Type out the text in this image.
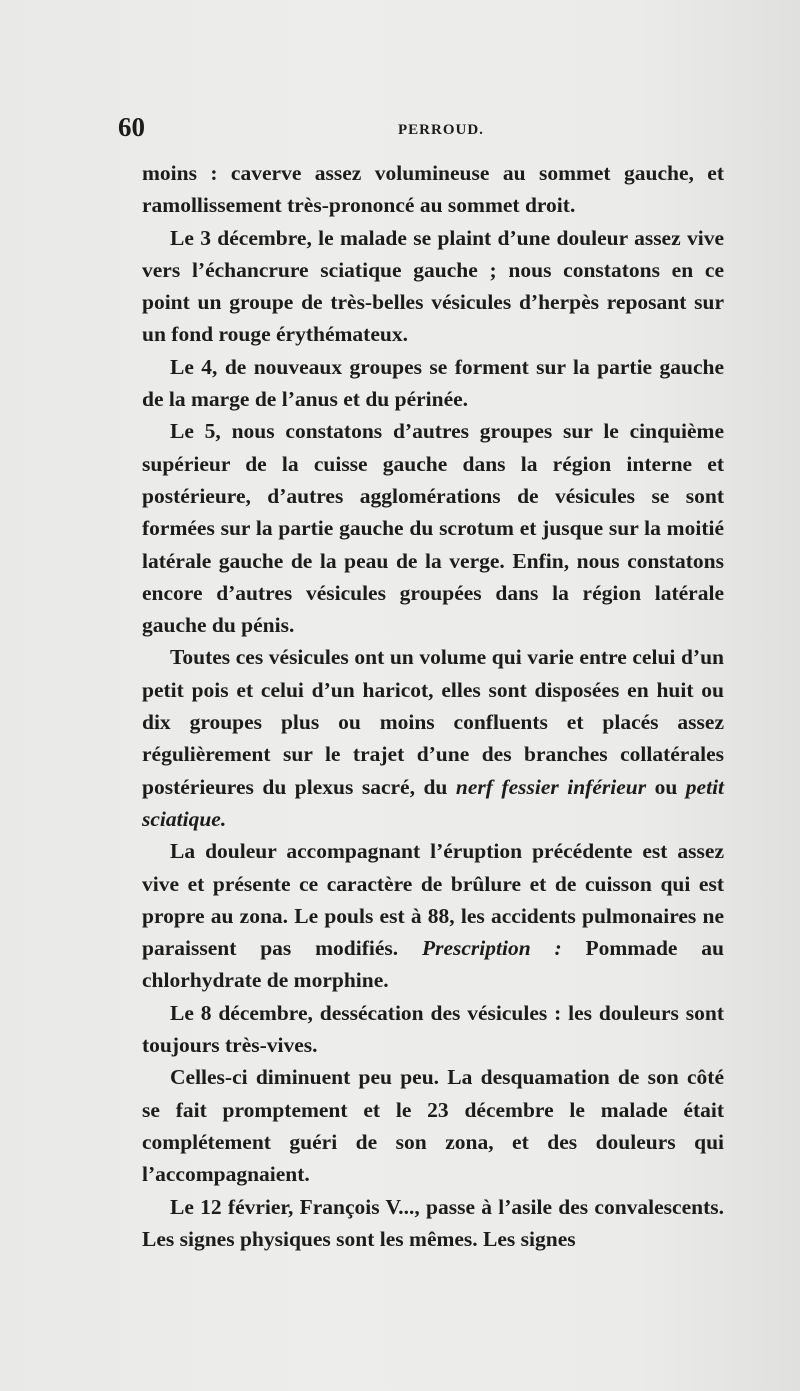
60	PERROUD.

moins : caverve assez volumineuse au sommet gauche, et ramollissement très-prononcé au sommet droit.

Le 3 décembre, le malade se plaint d’une douleur assez vive vers l’échancrure sciatique gauche ; nous constatons en ce point un groupe de très-belles vésicules d’herpès reposant sur un fond rouge érythémateux.

Le 4, de nouveaux groupes se forment sur la partie gauche de la marge de l’anus et du périnée.

Le 5, nous constatons d’autres groupes sur le cinquième supérieur de la cuisse gauche dans la région interne et postérieure, d’autres agglomérations de vésicules se sont formées sur la partie gauche du scrotum et jusque sur la moitié latérale gauche de la peau de la verge. Enfin, nous constatons encore d’autres vésicules groupées dans la région latérale gauche du pénis.

Toutes ces vésicules ont un volume qui varie entre celui d’un petit pois et celui d’un haricot, elles sont disposées en huit ou dix groupes plus ou moins confluents et placés assez régulièrement sur le trajet d’une des branches collatérales postérieures du plexus sacré, du nerf fessier inférieur ou petit sciatique.

La douleur accompagnant l’éruption précédente est assez vive et présente ce caractère de brûlure et de cuisson qui est propre au zona. Le pouls est à 88, les accidents pulmonaires ne paraissent pas modifiés. Prescription : Pommade au chlorhydrate de morphine.

Le 8 décembre, dessécation des vésicules : les douleurs sont toujours très-vives.

Celles-ci diminuent peu peu. La desquamation de son côté se fait promptement et le 23 décembre le malade était complétement guéri de son zona, et des douleurs qui l’accompagnaient.

Le 12 février, François V..., passe à l’asile des convalescents. Les signes physiques sont les mêmes. Les signes
